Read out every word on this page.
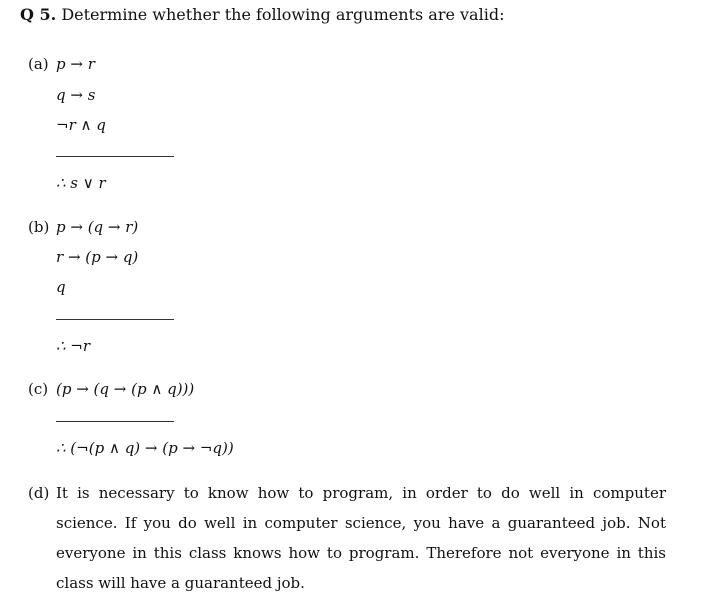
Q 5. Determine whether the following arguments are valid:
(a) p → r
q → s
¬r ∧ q
∴ s ∨ r
(b) p → (q → r)
r → (p → q)
q
∴ ¬r
(c) (p → (q → (p ∧ q)))
∴ (¬(p ∧ q) → (p → ¬q))
(d) It is necessary to know how to program, in order to do well in computer science. If you do well in computer science, you have a guaranteed job. Not everyone in this class knows how to program. Therefore not everyone in this class will have a guaranteed job.
